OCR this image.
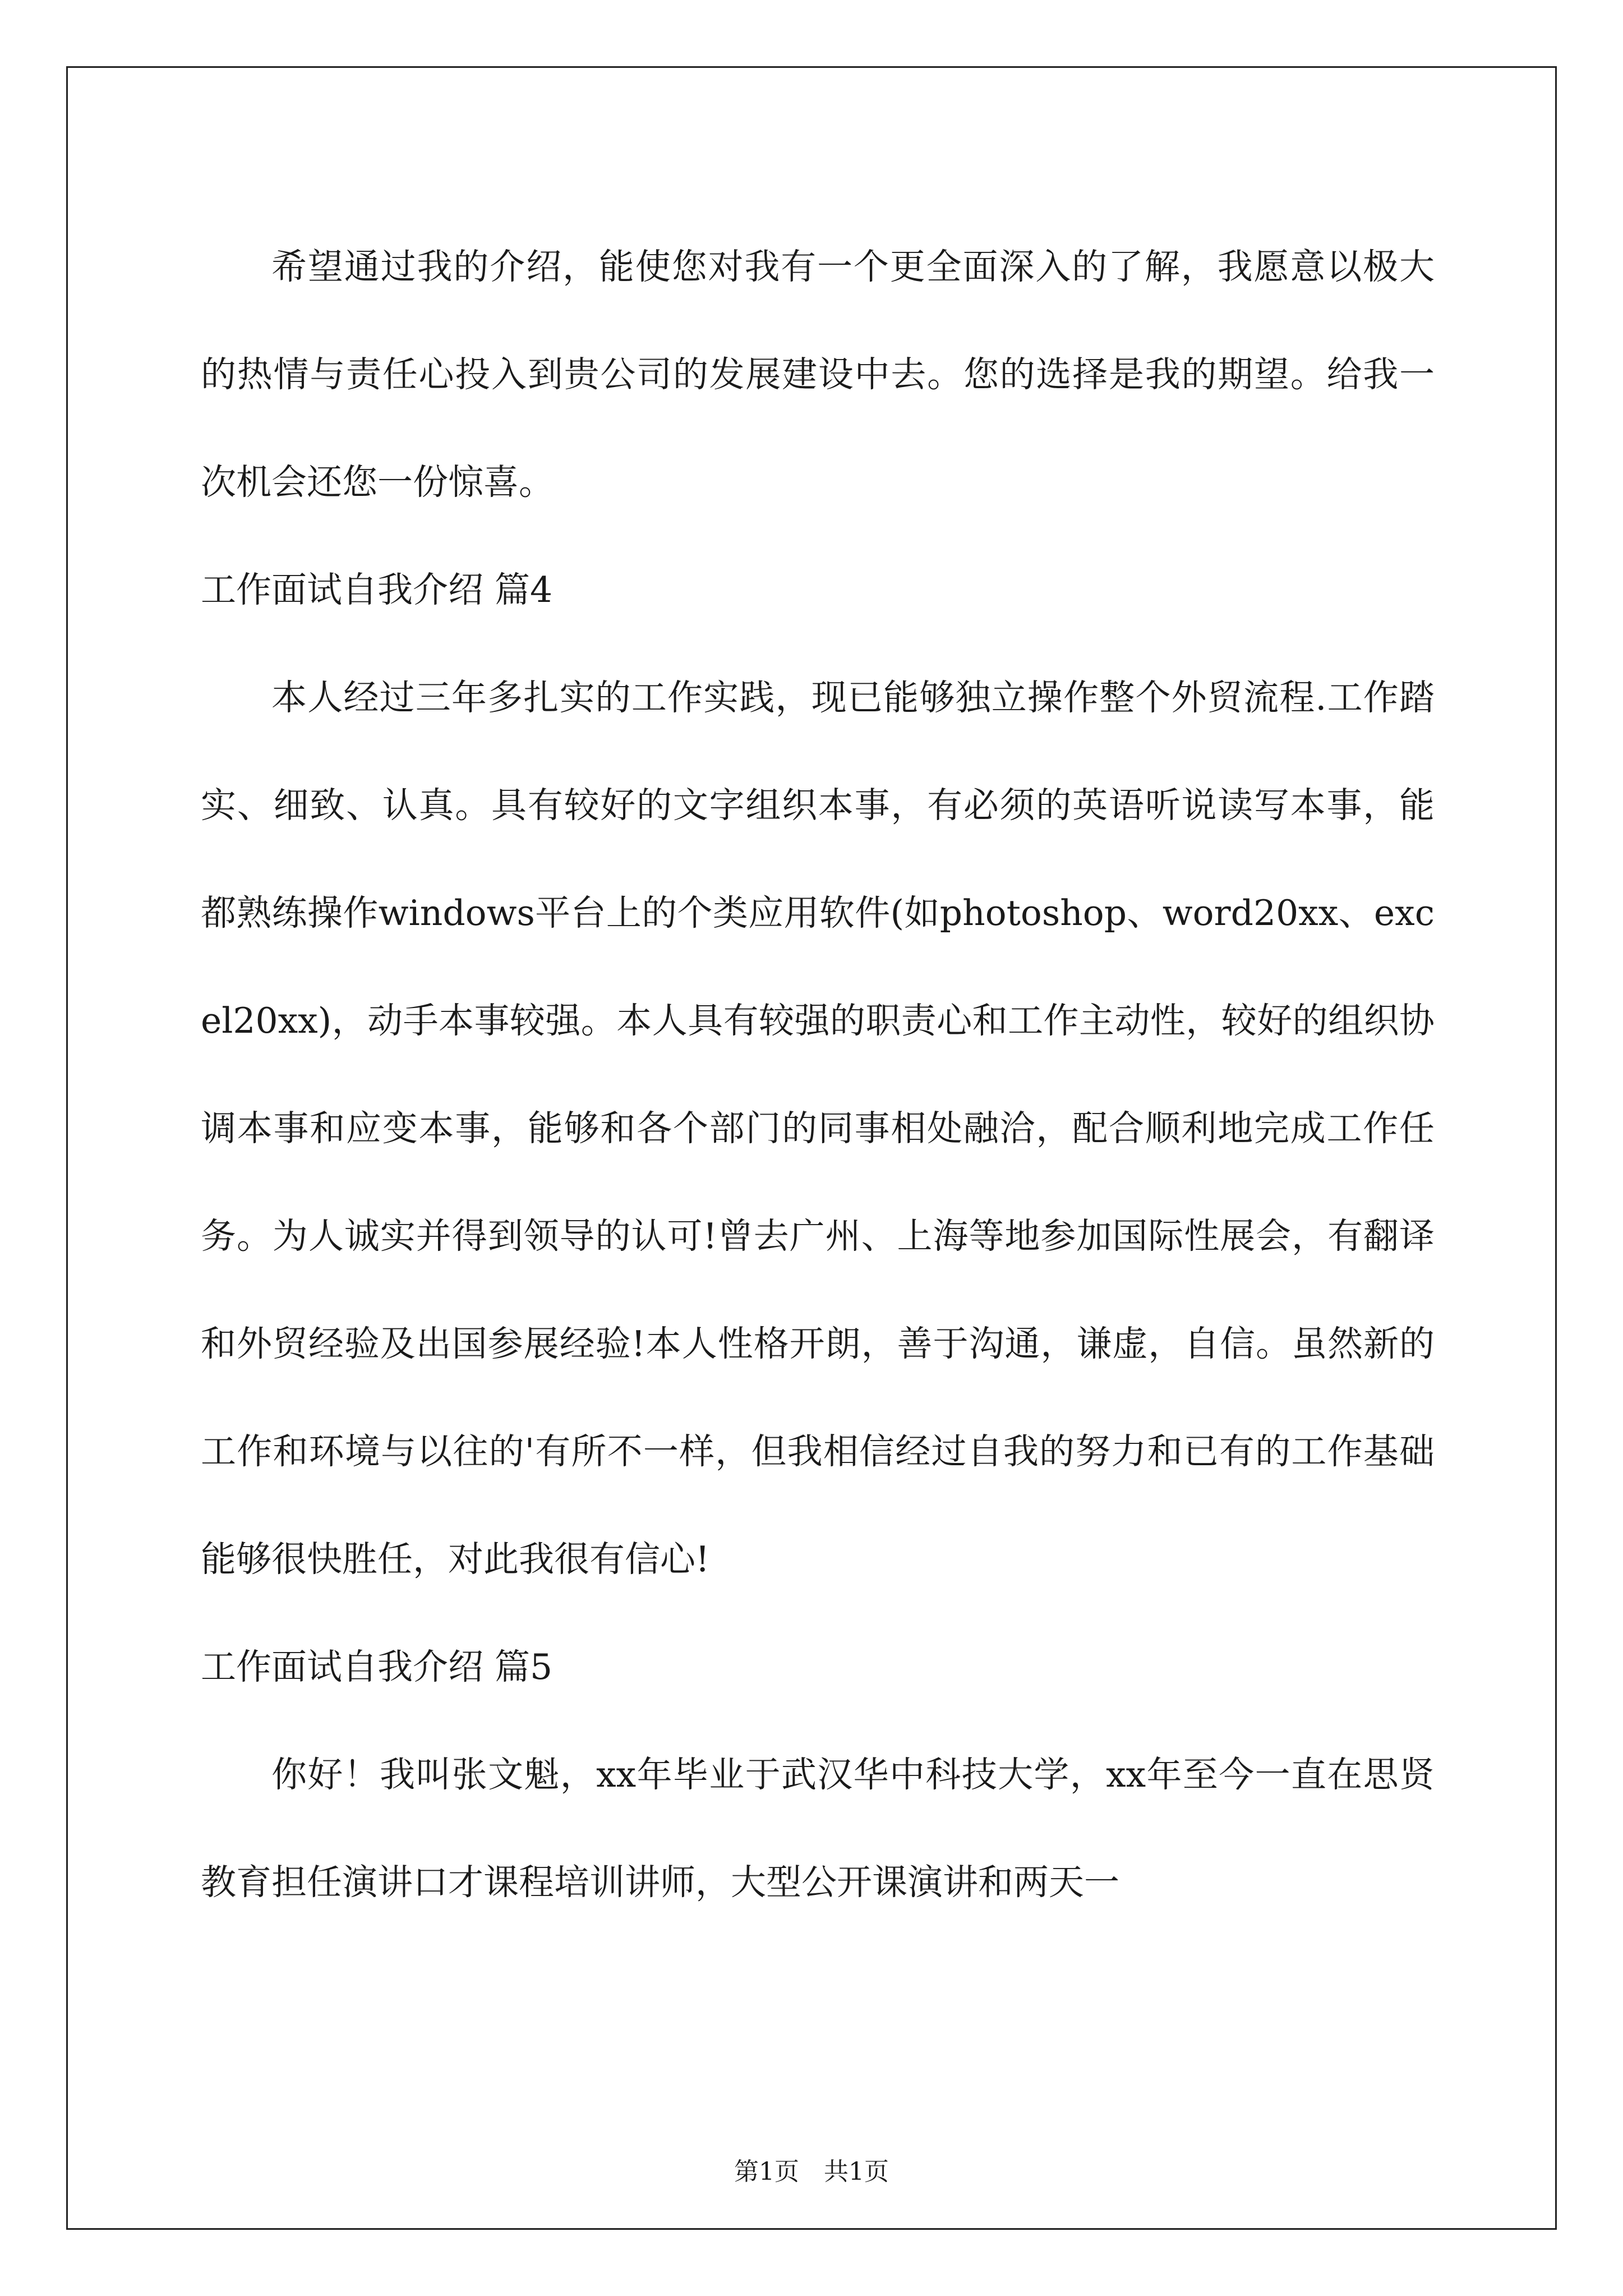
希望通过我的介绍，能使您对我有一个更全面深入的了解，我愿意以极大的热情与责任心投入到贵公司的发展建设中去。您的选择是我的期望。给我一次机会还您一份惊喜。

工作面试自我介绍 篇4

本人经过三年多扎实的工作实践，现已能够独立操作整个外贸流程.工作踏实、细致、认真。具有较好的文字组织本事，有必须的英语听说读写本事，能都熟练操作windows平台上的个类应用软件(如photoshop、word20xx、excel20xx)，动手本事较强。本人具有较强的职责心和工作主动性，较好的组织协调本事和应变本事，能够和各个部门的同事相处融洽，配合顺利地完成工作任务。为人诚实并得到领导的认可!曾去广州、上海等地参加国际性展会，有翻译和外贸经验及出国参展经验!本人性格开朗，善于沟通，谦虚，自信。虽然新的工作和环境与以往的'有所不一样，但我相信经过自我的努力和已有的工作基础能够很快胜任，对此我很有信心!

工作面试自我介绍 篇5

你好！我叫张文魁，xx年毕业于武汉华中科技大学，xx年至今一直在思贤教育担任演讲口才课程培训讲师，大型公开课演讲和两天一

第1页　共1页
